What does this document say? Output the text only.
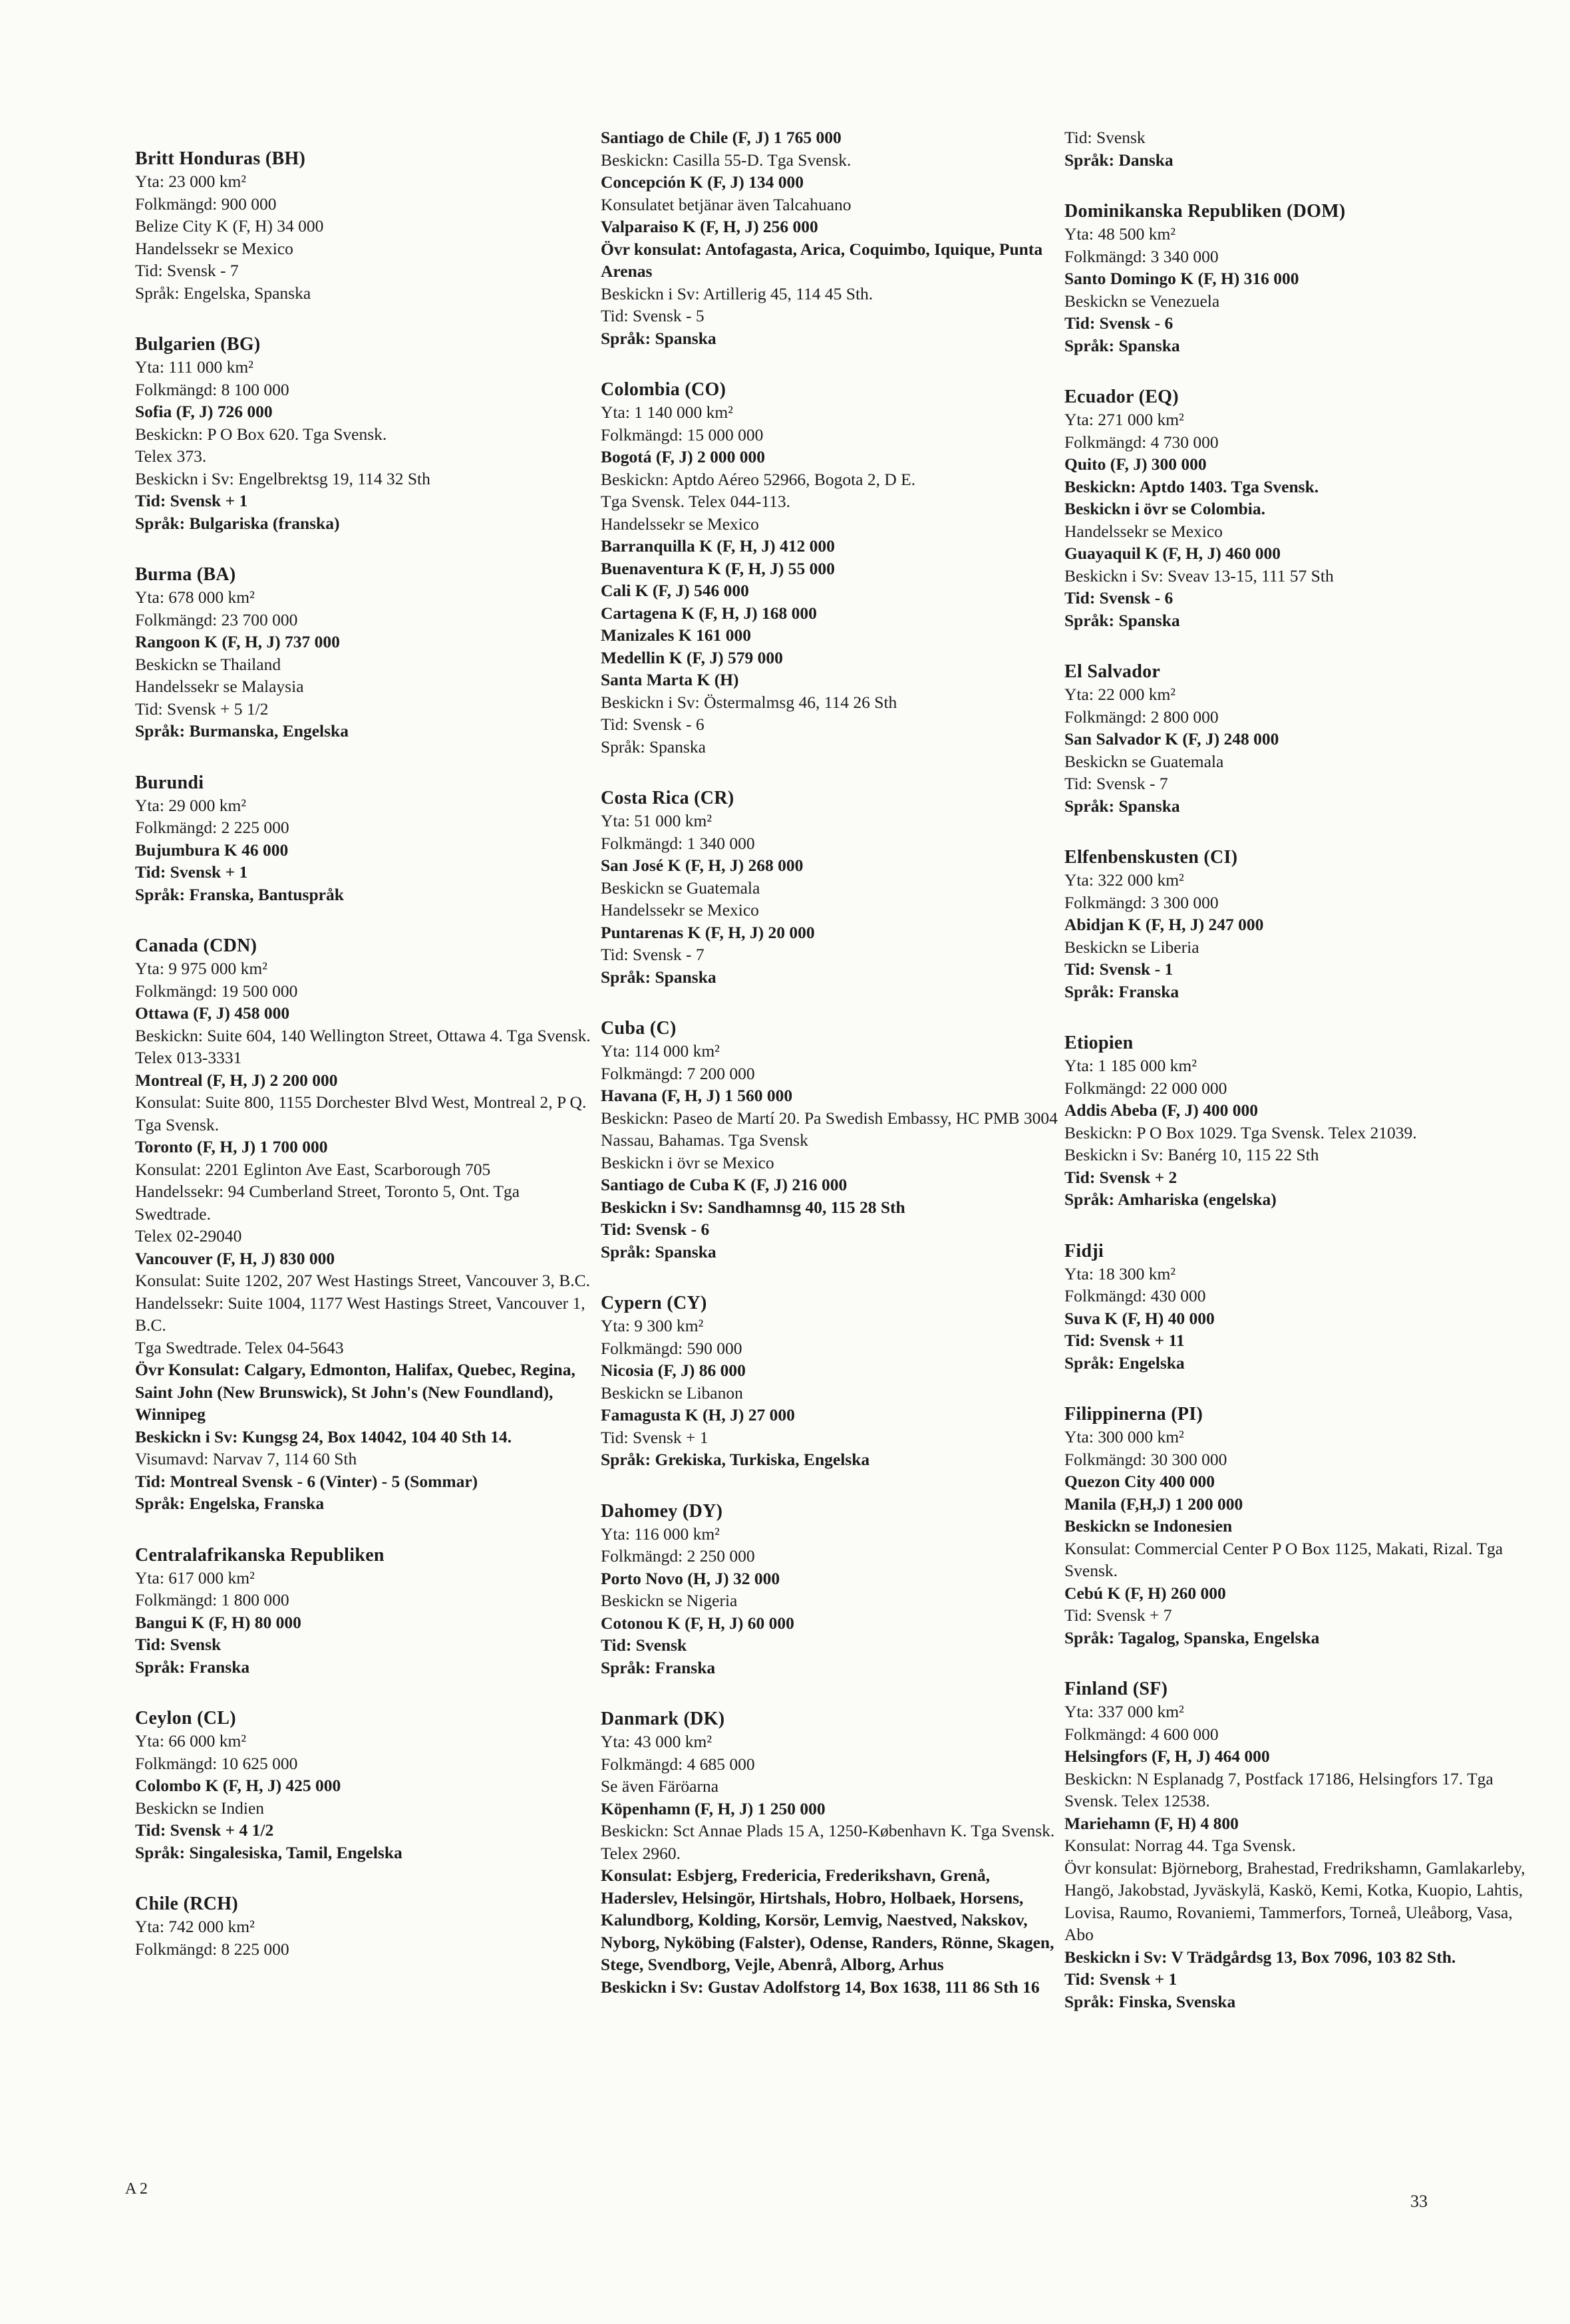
Britt Honduras (BH)
Yta: 23 000 km²
Folkmängd: 900 000
Belize City K (F, H) 34 000
Handelssekr se Mexico
Tid: Svensk - 7
Språk: Engelska, Spanska
Bulgarien (BG)
Yta: 111 000 km²
Folkmängd: 8 100 000
Sofia (F, J) 726 000
Beskickn: P O Box 620. Tga Svensk.
Telex 373.
Beskickn i Sv: Engelbrektsg 19, 114 32 Sth
Tid: Svensk + 1
Språk: Bulgariska (franska)
Burma (BA)
Yta: 678 000 km²
Folkmängd: 23 700 000
Rangoon K (F, H, J) 737 000
Beskickn se Thailand
Handelssekr se Malaysia
Tid: Svensk + 5 1/2
Språk: Burmanska, Engelska
Burundi
Yta: 29 000 km²
Folkmängd: 2 225 000
Bujumbura K 46 000
Tid: Svensk + 1
Språk: Franska, Bantuspråk
Canada (CDN)
Yta: 9 975 000 km²
Folkmängd: 19 500 000
Ottawa (F, J) 458 000
Beskickn: Suite 604, 140 Wellington Street, Ottawa 4. Tga Svensk. Telex 013-3331
Montreal (F, H, J) 2 200 000
Konsulat: Suite 800, 1155 Dorchester Blvd West, Montreal 2, P Q. Tga Svensk.
Toronto (F, H, J) 1 700 000
Konsulat: 2201 Eglinton Ave East, Scarborough 705
Handelssekr: 94 Cumberland Street, Toronto 5, Ont. Tga Swedtrade.
Telex 02-29040
Vancouver (F, H, J) 830 000
Konsulat: Suite 1202, 207 West Hastings Street, Vancouver 3, B.C.
Handelssekr: Suite 1004, 1177 West Hastings Street, Vancouver 1, B.C.
Tga Swedtrade. Telex 04-5643
Övr Konsulat: Calgary, Edmonton, Halifax, Quebec, Regina, Saint John (New Brunswick), St John's (New Foundland), Winnipeg
Beskickn i Sv: Kungsg 24, Box 14042, 104 40 Sth 14.
Visumavd: Narvav 7, 114 60 Sth
Tid: Montreal Svensk - 6 (Vinter) - 5 (Sommar)
Språk: Engelska, Franska
Centralafrikanska Republiken
Yta: 617 000 km²
Folkmängd: 1 800 000
Bangui K (F, H) 80 000
Tid: Svensk
Språk: Franska
Ceylon (CL)
Yta: 66 000 km²
Folkmängd: 10 625 000
Colombo K (F, H, J) 425 000
Beskickn se Indien
Tid: Svensk + 4 1/2
Språk: Singalesiska, Tamil, Engelska
Chile (RCH)
Yta: 742 000 km²
Folkmängd: 8 225 000
Santiago de Chile (F, J) 1 765 000
Beskickn: Casilla 55-D. Tga Svensk.
Concepción K (F, J) 134 000
Konsulatet betjänar även Talcahuano
Valparaiso K (F, H, J) 256 000
Övr konsulat: Antofagasta, Arica, Coquimbo, Iquique, Punta Arenas
Beskickn i Sv: Artillerig 45, 114 45 Sth.
Tid: Svensk - 5
Språk: Spanska
Colombia (CO)
Yta: 1 140 000 km²
Folkmängd: 15 000 000
Bogotá (F, J) 2 000 000
Beskickn: Aptdo Aéreo 52966, Bogota 2, D E.
Tga Svensk. Telex 044-113.
Handelssekr se Mexico
Barranquilla K (F, H, J) 412 000
Buenaventura K (F, H, J) 55 000
Cali K (F, J) 546 000
Cartagena K (F, H, J) 168 000
Manizales K 161 000
Medellin K (F, J) 579 000
Santa Marta K (H)
Beskickn i Sv: Östermalmsg 46, 114 26 Sth
Tid: Svensk - 6
Språk: Spanska
Costa Rica (CR)
Yta: 51 000 km²
Folkmängd: 1 340 000
San José K (F, H, J) 268 000
Beskickn se Guatemala
Handelssekr se Mexico
Puntarenas K (F, H, J) 20 000
Tid: Svensk - 7
Språk: Spanska
Cuba (C)
Yta: 114 000 km²
Folkmängd: 7 200 000
Havana (F, H, J) 1 560 000
Beskickn: Paseo de Martí 20. Pa Swedish Embassy, HC PMB 3004 Nassau, Bahamas. Tga Svensk
Beskickn i övr se Mexico
Santiago de Cuba K (F, J) 216 000
Beskickn i Sv: Sandhamnsg 40, 115 28 Sth
Tid: Svensk - 6
Språk: Spanska
Cypern (CY)
Yta: 9 300 km²
Folkmängd: 590 000
Nicosia (F, J) 86 000
Beskickn se Libanon
Famagusta K (H, J) 27 000
Tid: Svensk + 1
Språk: Grekiska, Turkiska, Engelska
Dahomey (DY)
Yta: 116 000 km²
Folkmängd: 2 250 000
Porto Novo (H, J) 32 000
Beskickn se Nigeria
Cotonou K (F, H, J) 60 000
Tid: Svensk
Språk: Franska
Danmark (DK)
Yta: 43 000 km²
Folkmängd: 4 685 000
Se även Färöarna
Köpenhamn (F, H, J) 1 250 000
Beskickn: Sct Annae Plads 15 A, 1250-København K. Tga Svensk. Telex 2960.
Konsulat: Esbjerg, Fredericia, Frederikshavn, Grenå, Haderslev, Helsingör, Hirtshals, Hobro, Holbaek, Horsens, Kalundborg, Kolding, Korsör, Lemvig, Naestved, Nakskov, Nyborg, Nyköbing (Falster), Odense, Randers, Rönne, Skagen, Stege, Svendborg, Vejle, Abenrå, Alborg, Arhus
Beskickn i Sv: Gustav Adolfstorg 14, Box 1638, 111 86 Sth 16
Tid: Svensk
Språk: Danska
Dominikanska Republiken (DOM)
Yta: 48 500 km²
Folkmängd: 3 340 000
Santo Domingo K (F, H) 316 000
Beskickn se Venezuela
Tid: Svensk - 6
Språk: Spanska
Ecuador (EQ)
Yta: 271 000 km²
Folkmängd: 4 730 000
Quito (F, J) 300 000
Beskickn: Aptdo 1403. Tga Svensk.
Beskickn i övr se Colombia.
Handelssekr se Mexico
Guayaquil K (F, H, J) 460 000
Beskickn i Sv: Sveav 13-15, 111 57 Sth
Tid: Svensk - 6
Språk: Spanska
El Salvador
Yta: 22 000 km²
Folkmängd: 2 800 000
San Salvador K (F, J) 248 000
Beskickn se Guatemala
Tid: Svensk - 7
Språk: Spanska
Elfenbenskusten (CI)
Yta: 322 000 km²
Folkmängd: 3 300 000
Abidjan K (F, H, J) 247 000
Beskickn se Liberia
Tid: Svensk - 1
Språk: Franska
Etiopien
Yta: 1 185 000 km²
Folkmängd: 22 000 000
Addis Abeba (F, J) 400 000
Beskickn: P O Box 1029. Tga Svensk. Telex 21039.
Beskickn i Sv: Banérg 10, 115 22 Sth
Tid: Svensk + 2
Språk: Amhariska (engelska)
Fidji
Yta: 18 300 km²
Folkmängd: 430 000
Suva K (F, H) 40 000
Tid: Svensk + 11
Språk: Engelska
Filippinerna (PI)
Yta: 300 000 km²
Folkmängd: 30 300 000
Quezon City 400 000
Manila (F,H,J) 1 200 000
Beskickn se Indonesien
Konsulat: Commercial Center P O Box 1125, Makati, Rizal. Tga Svensk.
Cebú K (F, H) 260 000
Tid: Svensk + 7
Språk: Tagalog, Spanska, Engelska
Finland (SF)
Yta: 337 000 km²
Folkmängd: 4 600 000
Helsingfors (F, H, J) 464 000
Beskickn: N Esplanadg 7, Postfack 17186, Helsingfors 17. Tga Svensk. Telex 12538.
Mariehamn (F, H) 4 800
Konsulat: Norrag 44. Tga Svensk.
Övr konsulat: Björneborg, Brahestad, Fredrikshamn, Gamlakarleby, Hangö, Jakobstad, Jyväskylä, Kaskö, Kemi, Kotka, Kuopio, Lahtis, Lovisa, Raumo, Rovaniemi, Tammerfors, Torneå, Uleåborg, Vasa, Abo
Beskickn i Sv: V Trädgårdsg 13, Box 7096, 103 82 Sth.
Tid: Svensk + 1
Språk: Finska, Svenska
A 2
33
